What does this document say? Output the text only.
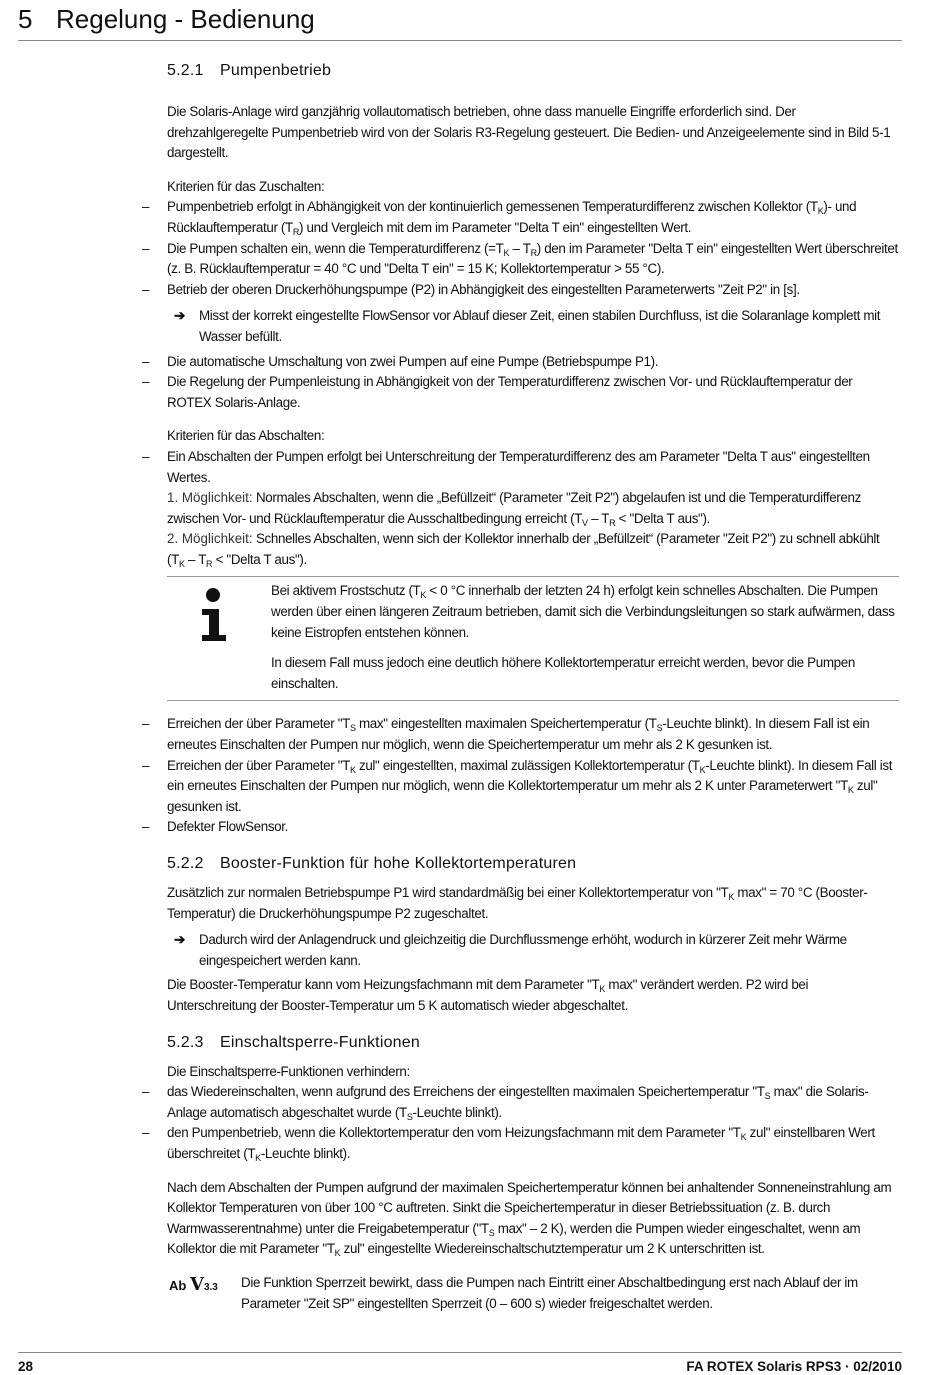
5 Regelung - Bedienung
5.2.1 Pumpenbetrieb

Die Solaris-Anlage wird ganzjährig vollautomatisch betrieben, ohne dass manuelle Eingriffe erforderlich sind. Der drehzahlgeregelte Pumpenbetrieb wird von der Solaris R3-Regelung gesteuert. Die Bedien- und Anzeigeelemente sind in Bild 5-1 dargestellt.

Kriterien für das Zuschalten:

– Pumpenbetrieb erfolgt in Abhängigkeit von der kontinuierlich gemessenen Temperaturdifferenz zwischen Kollektor $(T_K)-$ und Rücklauftemperatur $(T_R)$ und Vergleich mit dem im Parameter "Delta T ein" eingestellten Wert.
– Die Pumpen schalten ein, wenn die Temperaturdifferenz $(=T_K - T_R)$ den im Parameter "Delta T ein" eingestellten Wert überschreitet (z. B. Rücklauftemperatur = 40 °C und "Delta T ein" = 15 K; Kollektortemperatur > 55 °C).
– Betrieb der oberen Druckerhöhungspumpe (P2) in Abhängigkeit des eingestellten Parameterwerts "Zeit P2" in [s].
➔ Misst der korrekt eingestellte FlowSensor vor Ablauf dieser Zeit, einen stabilen Durchfluss, ist die Solaranlage komplett mit Wasser befüllt.
– Die automatische Umschaltung von zwei Pumpen auf eine Pumpe (Betriebspumpe P1).
– Die Regelung der Pumpenleistung in Abhängigkeit von der Temperaturdifferenz zwischen Vor- und Rücklauftemperatur der ROTEX Solaris-Anlage.

Kriterien für das Abschalten:

– Ein Abschalten der Pumpen erfolgt bei Unterschreitung der Temperaturdifferenz des am Parameter "Delta T aus" eingestellten Wertes.

1. Möglichkeit: Normales Abschalten, wenn die „Befüllzeit“ (Parameter "Zeit P2") abgelaufen ist und die Temperaturdifferenz zwischen Vor- und Rücklauftemperatur die Ausschaltbedingung erreicht ($T_V - T_R$ < "Delta T aus").

2. Möglichkeit: Schnelles Abschalten, wenn sich der Kollektor innerhalb der „Befüllzeit“ (Parameter "Zeit P2") zu schnell abkühlt ($T_K - T_R$ < "Delta T aus").

Bei aktivem Frostschutz ($T_K < 0$ °C innerhalb der letzten 24 h) erfolgt kein schnelles Abschalten. Die Pumpen werden über einen längeren Zeitraum betrieben, damit sich die Verbindungsleitungen so stark aufwärmen, dass keine Eistropfen entstehen können.

In diesem Fall muss jedoch eine deutlich höhere Kollektortemperatur erreicht werden, bevor die Pumpen einschalten.

– Erreichen der über Parameter "$T_S$ max" eingestellten maximalen Speichertemperatur ($T_S$-Leuchte blinkt). In diesem Fall ist ein erneutes Einschalten der Pumpen nur möglich, wenn die Speichertemperatur um mehr als 2 K gesunken ist.
– Erreichen der über Parameter "$T_K$ zul" eingestellten, maximal zulässigen Kollektortemperatur ($T_K$-Leuchte blinkt). In diesem Fall ist ein erneutes Einschalten der Pumpen nur möglich, wenn die Kollektortemperatur um mehr als 2 K unter Parameterwert "$T_K$ zul" gesunken ist.
– Defekter FlowSensor.
5.2.2 Booster-Funktion für hohe Kollektortemperaturen

Zusätzlich zur normalen Betriebspumpe P1 wird standardmäßig bei einer Kollektortemperatur von "$T_K$ max" = 70 °C (Booster-Temperatur) die Druckerhöhungspumpe P2 zugeschaltet.

➔ Dadurch wird der Anlagendruck und gleichzeitig die Durchflussmenge erhöht, wodurch in kürzerer Zeit mehr Wärme eingespeichert werden kann.

Die Booster-Temperatur kann vom Heizungsfachmann mit dem Parameter "$T_K$ max" verändert werden. P2 wird bei Unterschreitung der Booster-Temperatur um 5 K automatisch wieder abgeschaltet.

5.2.3 Einschaltsperre-Funktionen

Die Einschaltsperre-Funktionen verhindern:

– das Wiedereinschalten, wenn aufgrund des Erreichens der eingestellten maximalen Speichertemperatur "$T_S$ max" die Solaris-Anlage automatisch abgeschaltet wurde ($T_S$-Leuchte blinkt).
– den Pumpenbetrieb, wenn die Kollektortemperatur den vom Heizungsfachmann mit dem Parameter "$T_K$ zul" einstellbaren Wert überschreitet ($T_K$-Leuchte blinkt).

Nach dem Abschalten der Pumpen aufgrund der maximalen Speichertemperatur können bei anhaltender Sonneneinstrahlung am Kollektor Temperaturen von über 100 °C auftreten. Sinkt die Speichertemperatur in dieser Betriebssituation (z. B. durch Warmwasserentnahme) unter die Freigabetemperatur ("$T_S$ max" – 2 K), werden die Pumpen wieder eingeschaltet, wenn am Kollektor die mit Parameter "$T_K$ zul" eingestellte Wiedereinschaltschutztemperatur um 2 K unterschritten ist.

Ab V3.3 Die Funktion Sperrzeit bewirkt, dass die Pumpen nach Eintritt einer Abschaltbedingung erst nach Ablauf der im Parameter "Zeit SP" eingestellten Sperrzeit (0 – 600 s) wieder freigeschaltet werden.
28	FA ROTEX Solaris RPS3 · 02/2010
